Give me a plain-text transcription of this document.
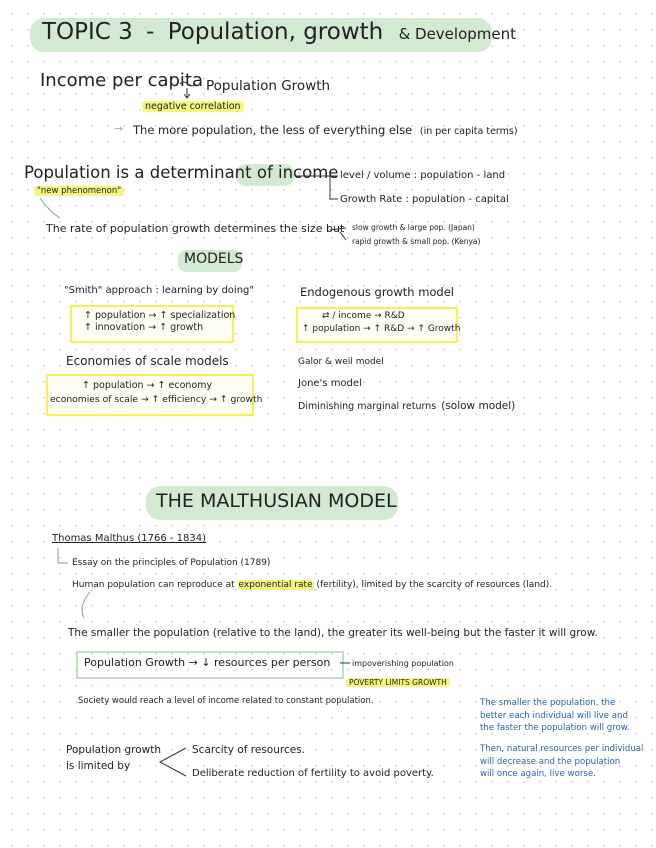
TOPIC 3 - Population, growth & Development
Income per capita Population Growth
negative correlation
→ The more population, the less of everything else (in per capita terms)
Population is a determinant of income
"new phenomenon"
level / volume : population - land
Growth Rate : population - capital
The rate of population growth determines the size but slow growth & large pop. (Japan)
rapid growth & small pop. (Kenya)
MODELS
"Smith" approach : learning by doing"
↑ population → ↑ specialization
↑ innovation → ↑ growth
Endogenous growth model
⇄ / income → R&D
↑ population → ↑ R&D → ↑ Growth
Economies of scale models
↑ population → ↑ economy
economies of scale → ↑ efficiency → ↑ growth
Galor & weil model
Jone's model
Diminishing marginal returns (solow model)
THE MALTHUSIAN MODEL
Thomas Malthus (1766 - 1834)
Essay on the principles of Population (1789)
Human population can reproduce at exponential rate (fertility), limited by the scarcity of resources (land).
The smaller the population (relative to the land), the greater its well-being but the faster it will grow.
Population Growth → ↓ resources per person	impoverishing population
POVERTY LIMITS GROWTH
Society would reach a level of income related to constant population.
Population growth
is limited by
Scarcity of resources.
Deliberate reduction of fertility to avoid poverty.
The smaller the population, the
better each individual will live and
the faster the population will grow.
Then, natural resources per individual
will decrease and the population
will once again, live worse.
